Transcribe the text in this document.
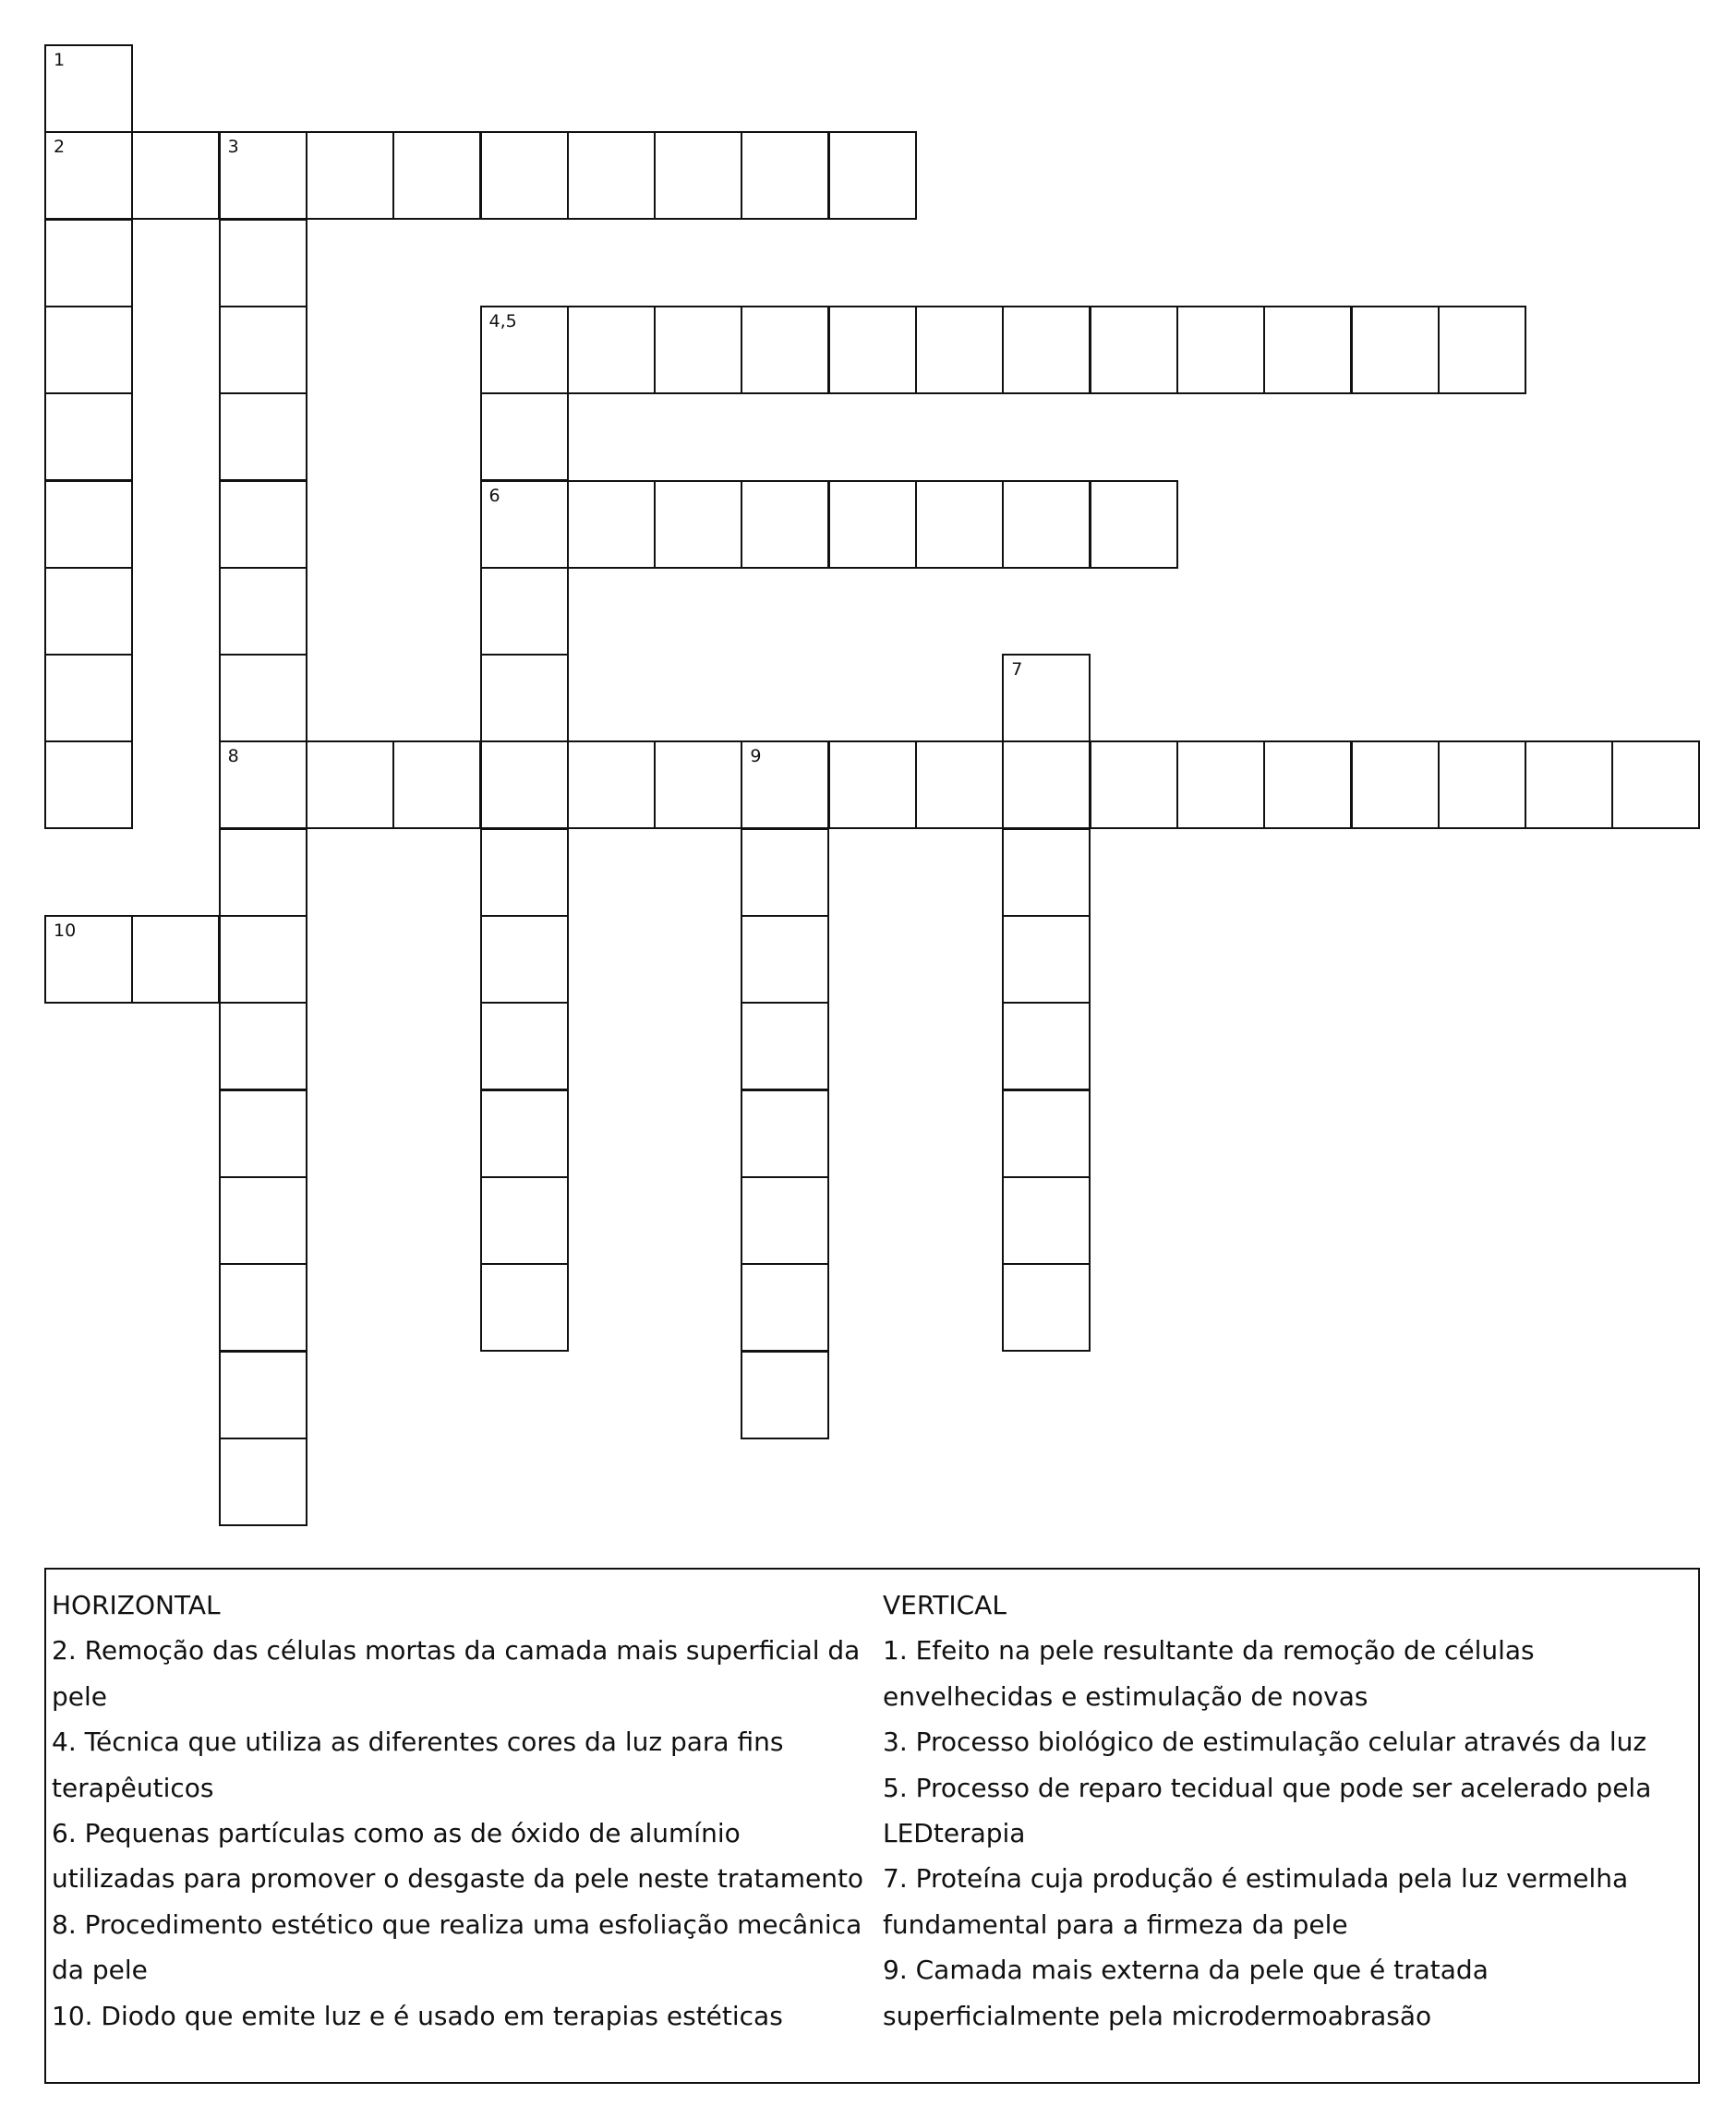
1
2	3
8
4,5
6
7
9
10

HORIZONTAL

2. Remoção das células mortas da camada mais superficial da pele

4. Técnica que utiliza as diferentes cores da luz para fins terapêuticos

6. Pequenas partículas como as de óxido de alumínio utilizadas para promover o desgaste da pele neste tratamento

8. Procedimento estético que realiza uma esfoliação mecânica da pele

10. Diodo que emite luz e é usado em terapias estéticas

VERTICAL

1. Efeito na pele resultante da remoção de células envelhecidas e estimulação de novas

3. Processo biológico de estimulação celular através da luz

5. Processo de reparo tecidual que pode ser acelerado pela LEDterapia

7. Proteína cuja produção é estimulada pela luz vermelha fundamental para a firmeza da pele

9. Camada mais externa da pele que é tratada superficialmente pela microdermoabrasão
